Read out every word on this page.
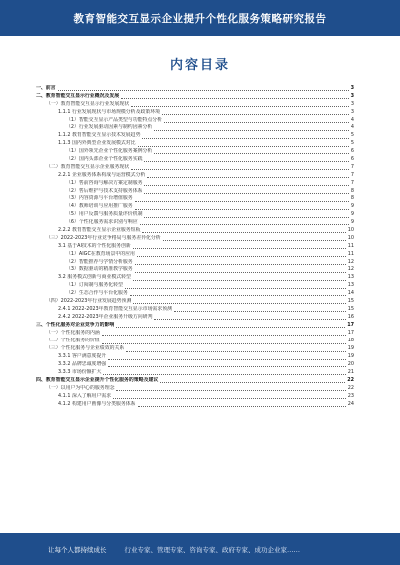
教育智能交互显示企业提升个性化服务策略研究报告
内容目录
一、前言	3
二、教育智能交互显示行业概况及发展	3
（一）教育智能交互显示行业发展现状	3
1.1.1 行业发展现状与市场规模分析及政策环境	3
（1）智能交互显示产品类型与功能特点分析	4
（2）行业发展驱动因素与制约因素分析	4
1.1.2 教育智能交互显示技术发展趋势	5
1.1.3 国内外典型企业发展模式对比	5
（1）国外领先企业个性化服务案例分析	6
（2）国内头部企业个性化服务实践	6
（二）教育智能交互显示企业服务现状	7
2.2.1 企业服务体系构成与运营模式分析	7
（1）售前咨询与解决方案定制服务	7
（2）售后维护与技术支持服务体系	8
（3）内容资源与平台增值服务	8
（4）教师培训与应用推广服务	9
（5）用户反馈与服务质量评价机制	9
（6）个性化服务需求识别与响应	9
2.2.2 教育智能交互显示企业服务短板	10
（三）2022-2023年行业竞争格局与服务差异化分析	10
3.1 基于AI技术的个性化服务创新	11
（1）AIGC在教育场景中的应用	11
（2）智能推荐与学情分析服务	12
（3）数据驱动的精准教学服务	12
3.2 服务模式创新与商业模式转型	13
（1）订阅制与服务化转型	13
（2）生态合作与平台化服务	14
（四）2022-2023年行业发展趋势预测	15
2.4.1 2022-2023年教育智能交互显示市场需求预测	15
2.4.2 2022-2023年企业服务升级方向研判	16
三、个性化服务对企业竞争力的影响	17
（一）个性化服务的内涵	17
（二）个性化服务的价值	18
（三）个性化服务与企业绩效的关系	19
3.3.1 客户满意度提升	19
3.3.2 品牌忠诚度增强	20
3.3.3 市场份额扩大	21
四、教育智能交互显示企业提升个性化服务的策略及建议	22
（一）以用户为中心的服务理念	22
4.1.1 深入了解用户需求	23
4.1.2 构建用户画像与分类服务体系	24
让每个人都持续成长	行业专家、管理专家、咨询专家、政府专家、成功企业家……
